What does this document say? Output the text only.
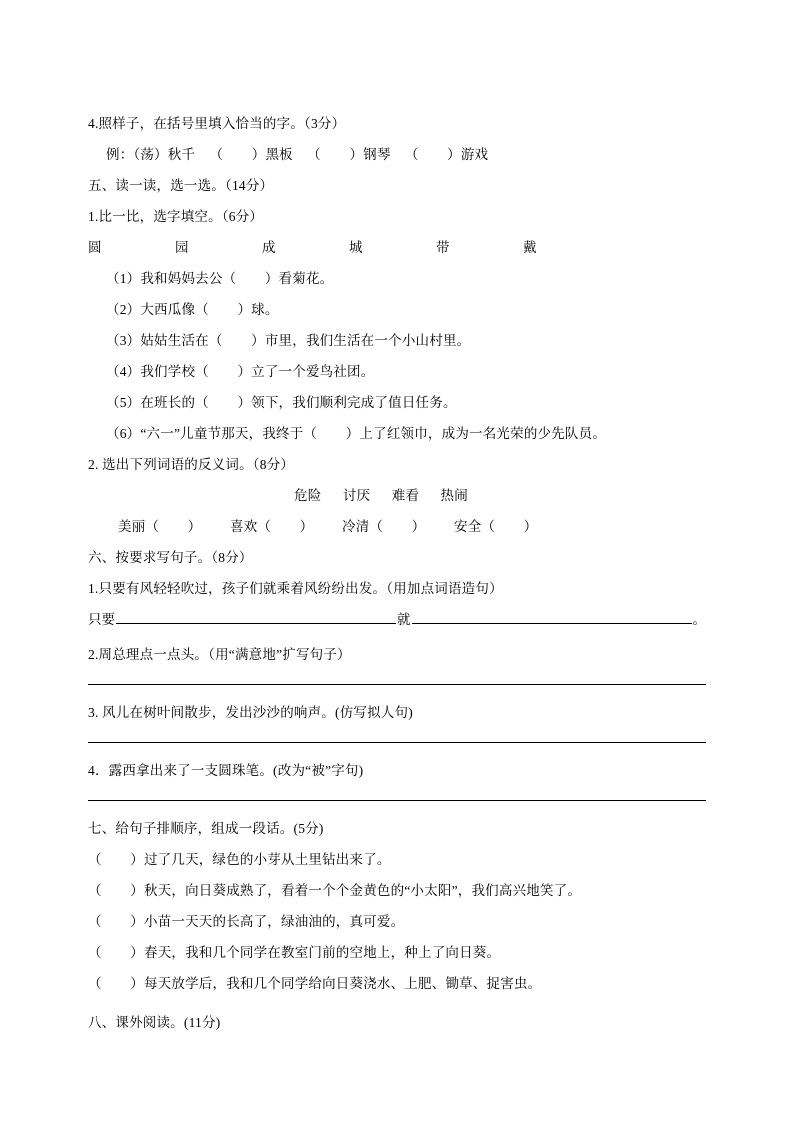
4.照样子，在括号里填入恰当的字。（3分）
例：（荡）秋千    （        ）黑板    （        ）钢琴    （        ）游戏
五、读一读，选一选。（14分）
1.比一比，选字填空。（6分）
圆    园    成    城    带    戴
（1）我和妈妈去公（        ）看菊花。
（2）大西瓜像（        ）球。
（3）姑姑生活在（        ）市里，我们生活在一个小山村里。
（4）我们学校（        ）立了一个爱鸟社团。
（5）在班长的（        ）领下，我们顺利完成了值日任务。
（6）“六一”儿童节那天，我终于（        ）上了红领巾，成为一名光荣的少先队员。
2. 选出下列词语的反义词。（8分）
危险      讨厌      难看      热闹
美丽（        ）        喜欢（        ）        冷清（        ）        安全（        ）
六、按要求写句子。（8分）
1.只要有风轻轻吹过，孩子们就乘着风纷纷出发。（用加点词语造句）
只要	就	。
2.周总理点一点头。（用“满意地”扩写句子）
3. 风儿在树叶间散步，发出沙沙的响声。(仿写拟人句)
4．露西拿出来了一支圆珠笔。(改为“被”字句)
七、给句子排顺序，组成一段话。(5分)
（        ）过了几天，绿色的小芽从土里钻出来了。
（        ）秋天，向日葵成熟了，看着一个个金黄色的“小太阳”，我们高兴地笑了。
（        ）小苗一天天的长高了，绿油油的，真可爱。
（        ）春天，我和几个同学在教室门前的空地上，种上了向日葵。
（        ）每天放学后，我和几个同学给向日葵浇水、上肥、锄草、捉害虫。
八、课外阅读。(11分)
